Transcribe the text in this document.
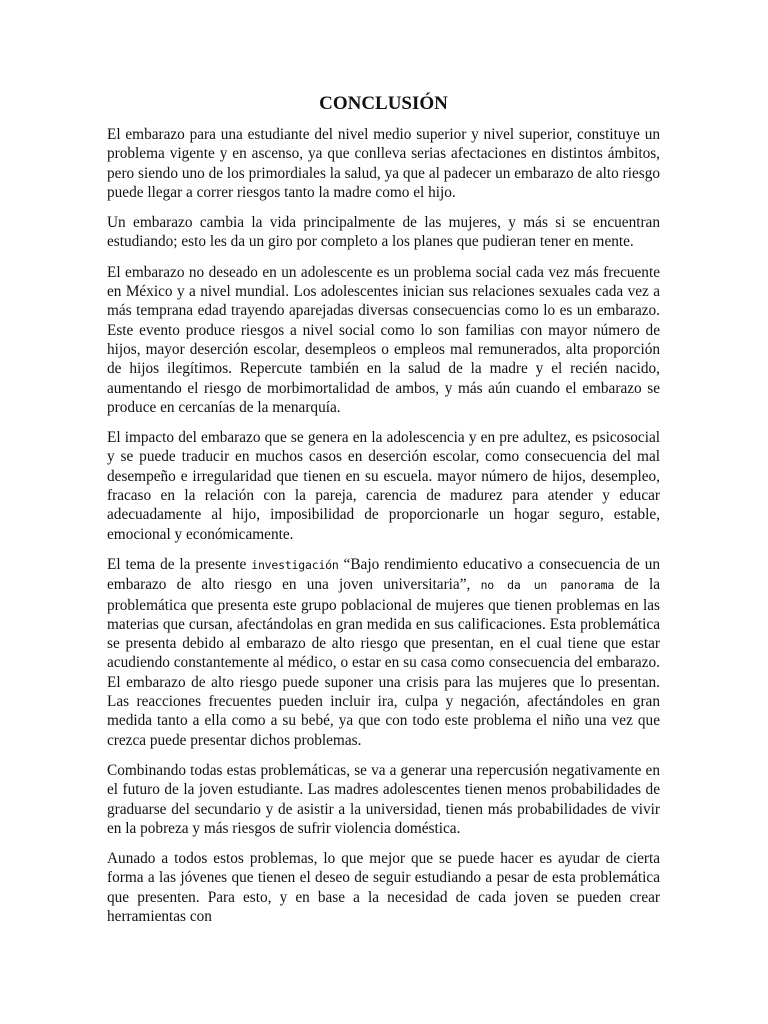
CONCLUSIÓN

El embarazo para una estudiante del nivel medio superior y nivel superior, constituye un problema vigente y en ascenso, ya que conlleva serias afectaciones en distintos ámbitos, pero siendo uno de los primordiales la salud, ya que al padecer un embarazo de alto riesgo puede llegar a correr riesgos tanto la madre como el hijo.

Un embarazo cambia la vida principalmente de las mujeres, y más si se encuentran estudiando; esto les da un giro por completo a los planes que pudieran tener en mente.

El embarazo no deseado en un adolescente es un problema social cada vez más frecuente en México y a nivel mundial. Los adolescentes inician sus relaciones sexuales cada vez a más temprana edad trayendo aparejadas diversas consecuencias como lo es un embarazo. Este evento produce riesgos a nivel social como lo son familias con mayor número de hijos, mayor deserción escolar, desempleos o empleos mal remunerados, alta proporción de hijos ilegítimos. Repercute también en la salud de la madre y el recién nacido, aumentando el riesgo de morbimortalidad de ambos, y más aún cuando el embarazo se produce en cercanías de la menarquía.

El impacto del embarazo que se genera en la adolescencia y en pre adultez, es psicosocial y se puede traducir en muchos casos en deserción escolar, como consecuencia del mal desempeño e irregularidad que tienen en su escuela. mayor número de hijos, desempleo, fracaso en la relación con la pareja, carencia de madurez para atender y educar adecuadamente al hijo, imposibilidad de proporcionarle un hogar seguro, estable, emocional y económicamente.

El tema de la presente investigación “Bajo rendimiento educativo a consecuencia de un embarazo de alto riesgo en una joven universitaria”, no da un panorama de la problemática que presenta este grupo poblacional de mujeres que tienen problemas en las materias que cursan, afectándolas en gran medida en sus calificaciones. Esta problemática se presenta debido al embarazo de alto riesgo que presentan, en el cual tiene que estar acudiendo constantemente al médico, o estar en su casa como consecuencia del embarazo. El embarazo de alto riesgo puede suponer una crisis para las mujeres que lo presentan. Las reacciones frecuentes pueden incluir ira, culpa y negación, afectándoles en gran medida tanto a ella como a su bebé, ya que con todo este problema el niño una vez que crezca puede presentar dichos problemas.

Combinando todas estas problemáticas, se va a generar una repercusión negativamente en el futuro de la joven estudiante. Las madres adolescentes tienen menos probabilidades de graduarse del secundario y de asistir a la universidad, tienen más probabilidades de vivir en la pobreza y más riesgos de sufrir violencia doméstica.

Aunado a todos estos problemas, lo que mejor que se puede hacer es ayudar de cierta forma a las jóvenes que tienen el deseo de seguir estudiando a pesar de esta problemática que presenten. Para esto, y en base a la necesidad de cada joven se pueden crear herramientas con
